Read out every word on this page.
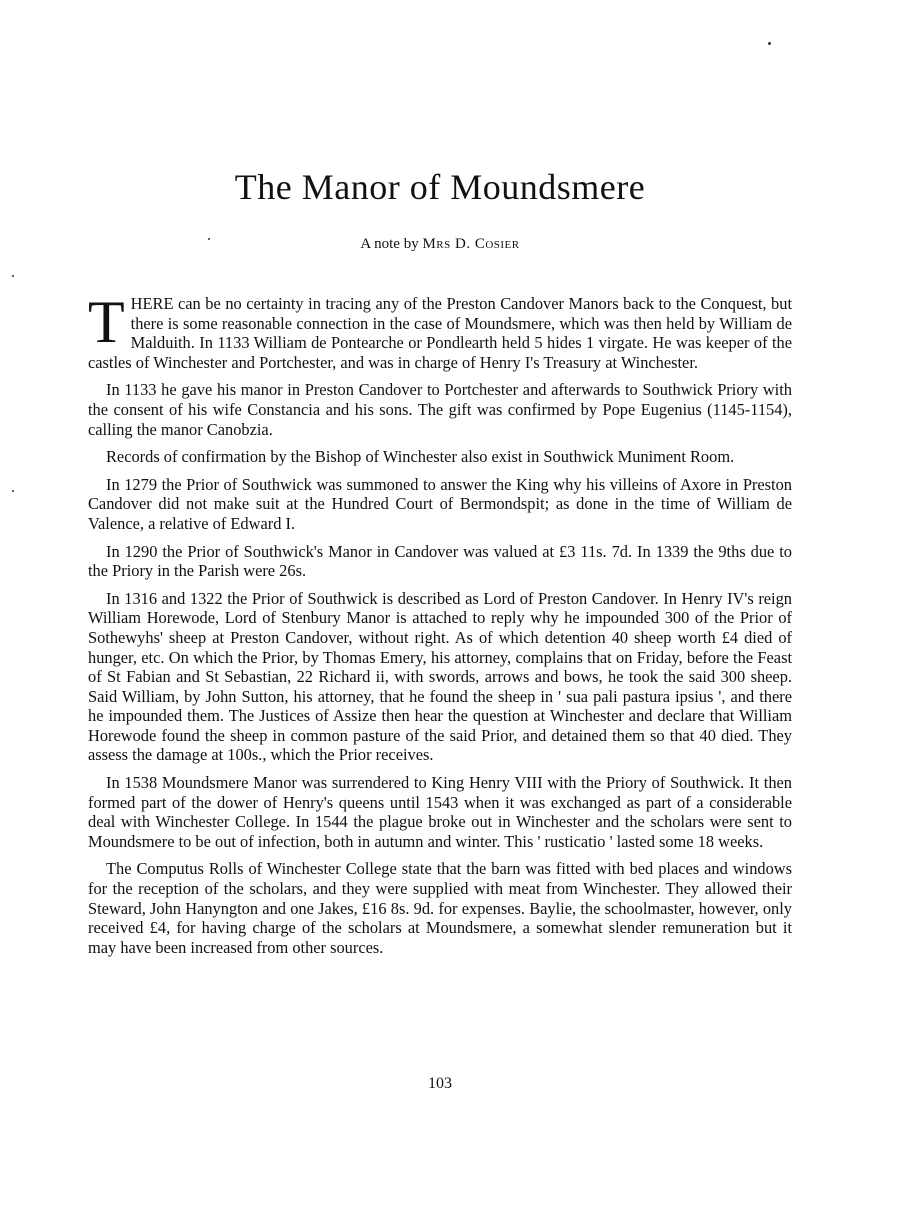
The Manor of Moundsmere

A note by Mrs D. Cosier

THERE can be no certainty in tracing any of the Preston Candover Manors back to the Conquest, but there is some reasonable connection in the case of Moundsmere, which was then held by William de Malduith. In 1133 William de Pontearche or Pondlearth held 5 hides 1 virgate. He was keeper of the castles of Winchester and Portchester, and was in charge of Henry I's Treasury at Winchester.

In 1133 he gave his manor in Preston Candover to Portchester and afterwards to Southwick Priory with the consent of his wife Constancia and his sons. The gift was confirmed by Pope Eugenius (1145-1154), calling the manor Canobzia.

Records of confirmation by the Bishop of Winchester also exist in Southwick Muniment Room.

In 1279 the Prior of Southwick was summoned to answer the King why his villeins of Axore in Preston Candover did not make suit at the Hundred Court of Bermondspit; as done in the time of William de Valence, a relative of Edward I.

In 1290 the Prior of Southwick's Manor in Candover was valued at £3 11s. 7d. In 1339 the 9ths due to the Priory in the Parish were 26s.

In 1316 and 1322 the Prior of Southwick is described as Lord of Preston Candover. In Henry IV's reign William Horewode, Lord of Stenbury Manor is attached to reply why he impounded 300 of the Prior of Sothewyhs' sheep at Preston Candover, without right. As of which detention 40 sheep worth £4 died of hunger, etc. On which the Prior, by Thomas Emery, his attorney, complains that on Friday, before the Feast of St Fabian and St Sebastian, 22 Richard ii, with swords, arrows and bows, he took the said 300 sheep. Said William, by John Sutton, his attorney, that he found the sheep in ' sua pali pastura ipsius ', and there he impounded them. The Justices of Assize then hear the question at Winchester and declare that William Horewode found the sheep in common pasture of the said Prior, and detained them so that 40 died. They assess the damage at 100s., which the Prior receives.

In 1538 Moundsmere Manor was surrendered to King Henry VIII with the Priory of Southwick. It then formed part of the dower of Henry's queens until 1543 when it was exchanged as part of a considerable deal with Winchester College. In 1544 the plague broke out in Winchester and the scholars were sent to Moundsmere to be out of infection, both in autumn and winter. This ' rusticatio ' lasted some 18 weeks.

The Computus Rolls of Winchester College state that the barn was fitted with bed places and windows for the reception of the scholars, and they were supplied with meat from Winchester. They allowed their Steward, John Hanyngton and one Jakes, £16 8s. 9d. for expenses. Baylie, the schoolmaster, however, only received £4, for having charge of the scholars at Moundsmere, a somewhat slender remuneration but it may have been increased from other sources.

103
